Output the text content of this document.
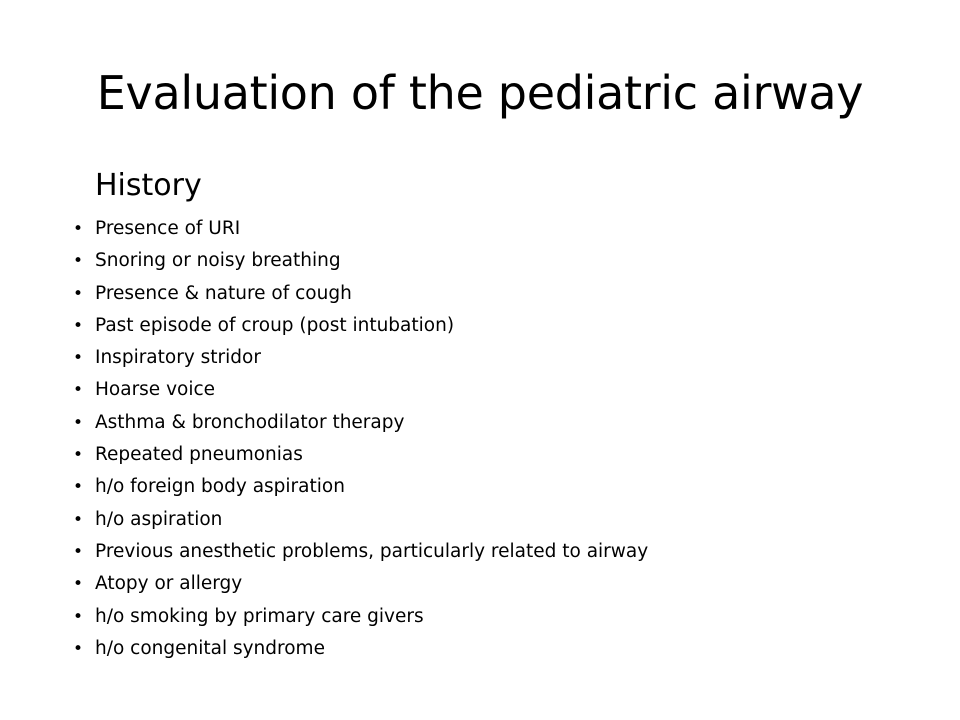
Evaluation of the pediatric airway
History
• Presence of URI
• Snoring or noisy breathing
• Presence & nature of cough
• Past episode of croup (post intubation)
• Inspiratory stridor
• Hoarse voice
• Asthma & bronchodilator therapy
• Repeated pneumonias
• h/o foreign body aspiration
• h/o aspiration
• Previous anesthetic problems, particularly related to airway
• Atopy or allergy
• h/o smoking by primary care givers
• h/o congenital syndrome
